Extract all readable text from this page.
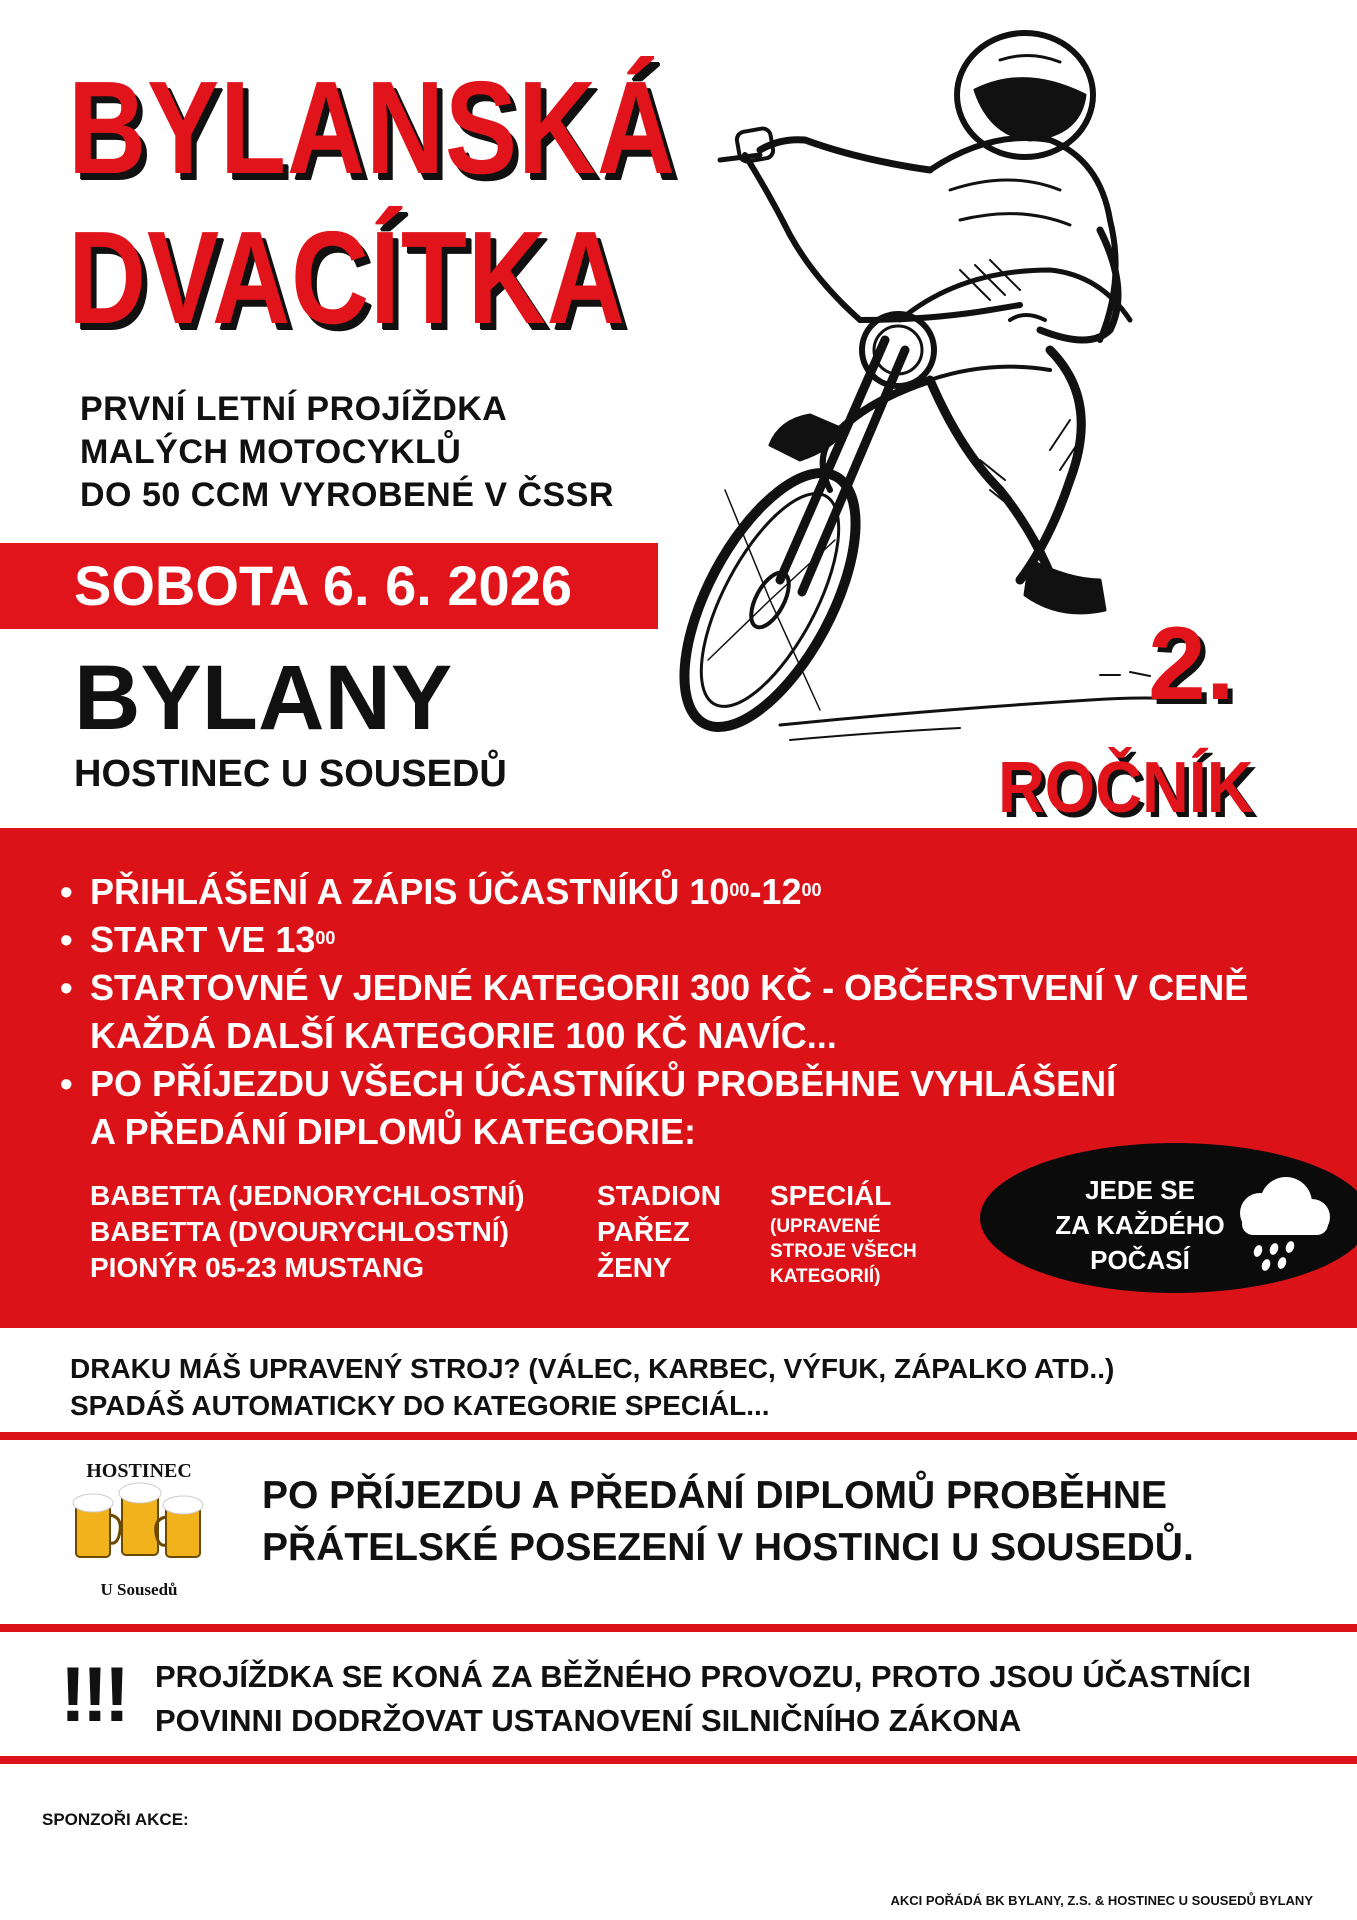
BYLANSKÁ
DVACÍTKA
PRVNÍ LETNÍ PROJÍŽDKA
MALÝCH MOTOCYKLŮ
DO 50 CCM VYROBENÉ V ČSSR
SOBOTA 6. 6. 2026
BYLANY
HOSTINEC U SOUSEDŮ
2.
ROČNÍK
• PŘIHLÁŠENÍ A ZÁPIS ÚČASTNÍKŮ $10^{00}-12^{00}$
• START VE $13^{00}$
• STARTOVNÉ V JEDNÉ KATEGORII 300 KČ - OBČERSTVENÍ V CENĚ
KAŽDÁ DALŠÍ KATEGORIE 100 KČ NAVÍC...
• PO PŘÍJEZDU VŠECH ÚČASTNÍKŮ PROBĚHNE VYHLÁŠENÍ
A PŘEDÁNÍ DIPLOMŮ KATEGORIE:
BABETTA (JEDNORYCHLOSTNÍ)
BABETTA (DVOURYCHLOSTNÍ)
PIONÝR 05-23 MUSTANG
STADION
PAŘEZ
ŽENY
SPECIÁL
(UPRAVENÉ
STROJE VŠECH
KATEGORIÍ)
JEDE SE
ZA KAŽDÉHO
POČASÍ
DRAKU MÁŠ UPRAVENÝ STROJ? (VÁLEC, KARBEC, VÝFUK, ZÁPALKO ATD..)
SPADÁŠ AUTOMATICKY DO KATEGORIE SPECIÁL...
HOSTINEC
U Sousedů
PO PŘÍJEZDU A PŘEDÁNÍ DIPLOMŮ PROBĚHNE
PŘÁTELSKÉ POSEZENÍ V HOSTINCI U SOUSEDŮ.
!!! PROJÍŽDKA SE KONÁ ZA BĚŽNÉHO PROVOZU, PROTO JSOU ÚČASTNÍCI
POVINNI DODRŽOVAT USTANOVENÍ SILNIČNÍHO ZÁKONA
SPONZOŘI AKCE:
AKCI POŘÁDÁ BK BYLANY, Z.S. & HOSTINEC U SOUSEDŮ BYLANY
